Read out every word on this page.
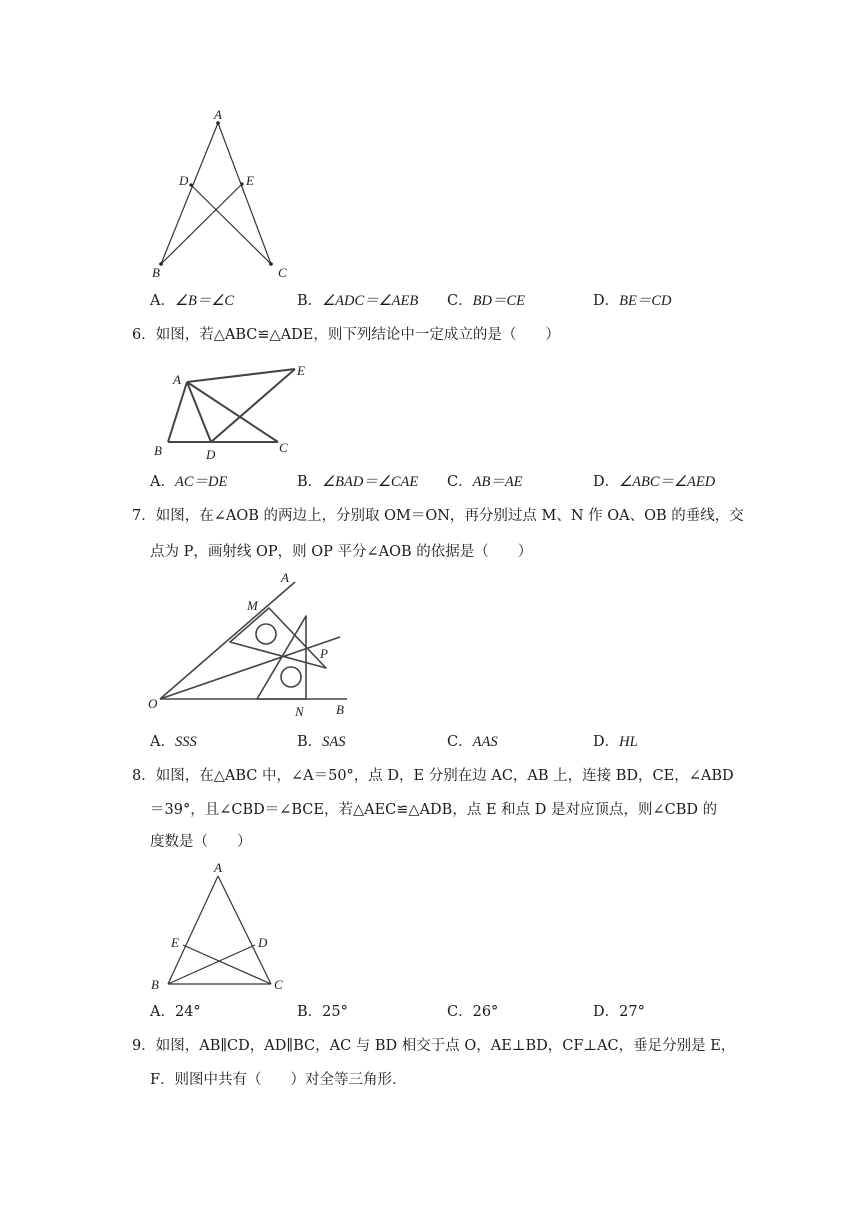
A
B	C
D	E
A．∠B＝∠C	B．∠ADC＝∠AEB C．BD＝CE	D．BE＝CD
6．如图，若△ABC≌△ADE，则下列结论中一定成立的是（　　）
A
E
B	D	C
A．AC＝DE	B．∠BAD＝∠CAE C．AB＝AE	D．∠ABC＝∠AED
7．如图，在∠AOB 的两边上，分别取 OM＝ON，再分别过点 M、N 作 OA、OB 的垂线，交
点为 P，画射线 OP，则 OP 平分∠AOB 的依据是（　　）
A
M
P
O
N B
A．SSS	B．SAS	C．AAS	D．HL
8．如图，在△ABC 中，∠A＝50°，点 D，E 分别在边 AC，AB 上，连接 BD，CE，∠ABD
＝39°，且∠CBD＝∠BCE，若△AEC≌△ADB，点 E 和点 D 是对应顶点，则∠CBD 的
度数是（　　）
A
E	D
B	C
A．24°	B．25°	C．26°	D．27°
9．如图，AB∥CD，AD∥BC，AC 与 BD 相交于点 O，AE⊥BD，CF⊥AC，垂足分别是 E，
F．则图中共有（　　）对全等三角形．
